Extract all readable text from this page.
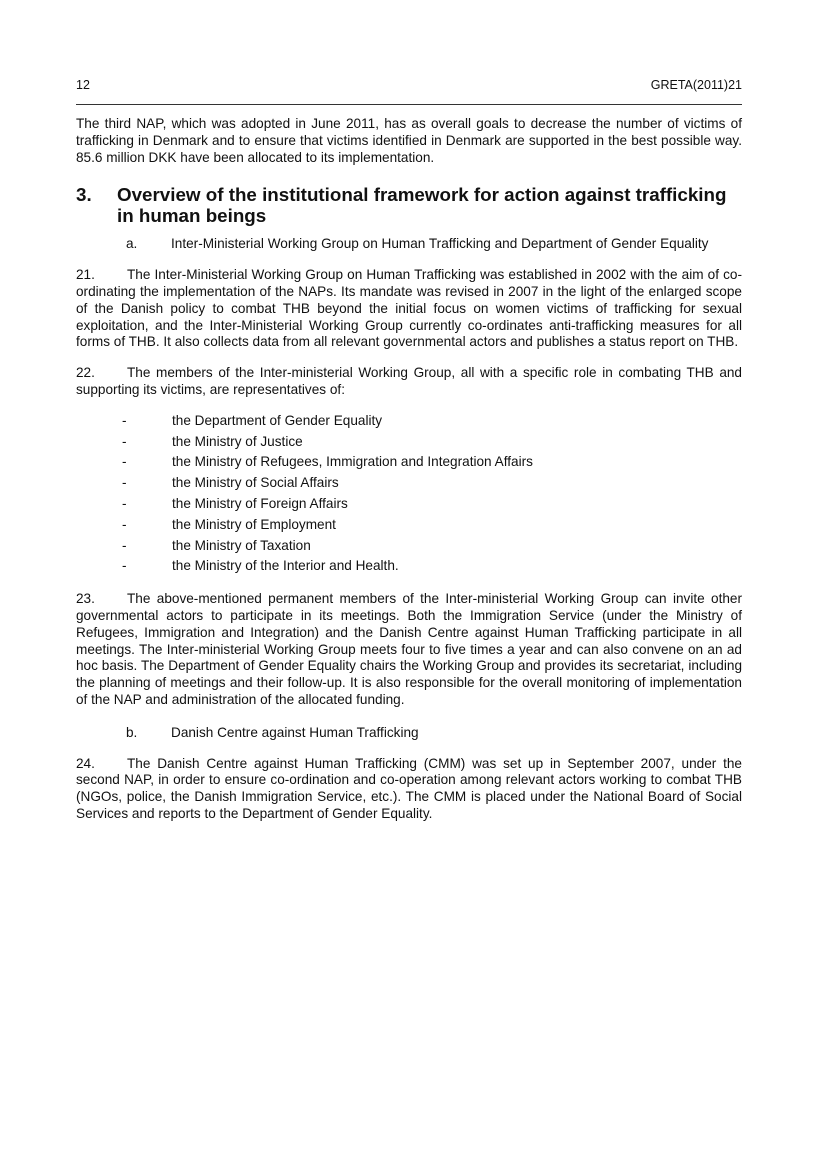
12	GRETA(2011)21

The third NAP, which was adopted in June 2011, has as overall goals to decrease the number of victims of trafficking in Denmark and to ensure that victims identified in Denmark are supported in the best possible way. 85.6 million DKK have been allocated to its implementation.

3.	Overview of the institutional framework for action against trafficking in human beings
a.	Inter-Ministerial Working Group on Human Trafficking and Department of Gender Equality

21. The Inter-Ministerial Working Group on Human Trafficking was established in 2002 with the aim of co-ordinating the implementation of the NAPs. Its mandate was revised in 2007 in the light of the enlarged scope of the Danish policy to combat THB beyond the initial focus on women victims of trafficking for sexual exploitation, and the Inter-Ministerial Working Group currently co-ordinates anti-trafficking measures for all forms of THB. It also collects data from all relevant governmental actors and publishes a status report on THB.

22. The members of the Inter-ministerial Working Group, all with a specific role in combating THB and supporting its victims, are representatives of:

-	the Department of Gender Equality
-	the Ministry of Justice
-	the Ministry of Refugees, Immigration and Integration Affairs
-	the Ministry of Social Affairs
-	the Ministry of Foreign Affairs
-	the Ministry of Employment
-	the Ministry of Taxation
-	the Ministry of the Interior and Health.

23. The above-mentioned permanent members of the Inter-ministerial Working Group can invite other governmental actors to participate in its meetings. Both the Immigration Service (under the Ministry of Refugees, Immigration and Integration) and the Danish Centre against Human Trafficking participate in all meetings. The Inter-ministerial Working Group meets four to five times a year and can also convene on an ad hoc basis. The Department of Gender Equality chairs the Working Group and provides its secretariat, including the planning of meetings and their follow-up. It is also responsible for the overall monitoring of implementation of the NAP and administration of the allocated funding.

b.	Danish Centre against Human Trafficking

24. The Danish Centre against Human Trafficking (CMM) was set up in September 2007, under the second NAP, in order to ensure co-ordination and co-operation among relevant actors working to combat THB (NGOs, police, the Danish Immigration Service, etc.). The CMM is placed under the National Board of Social Services and reports to the Department of Gender Equality.
